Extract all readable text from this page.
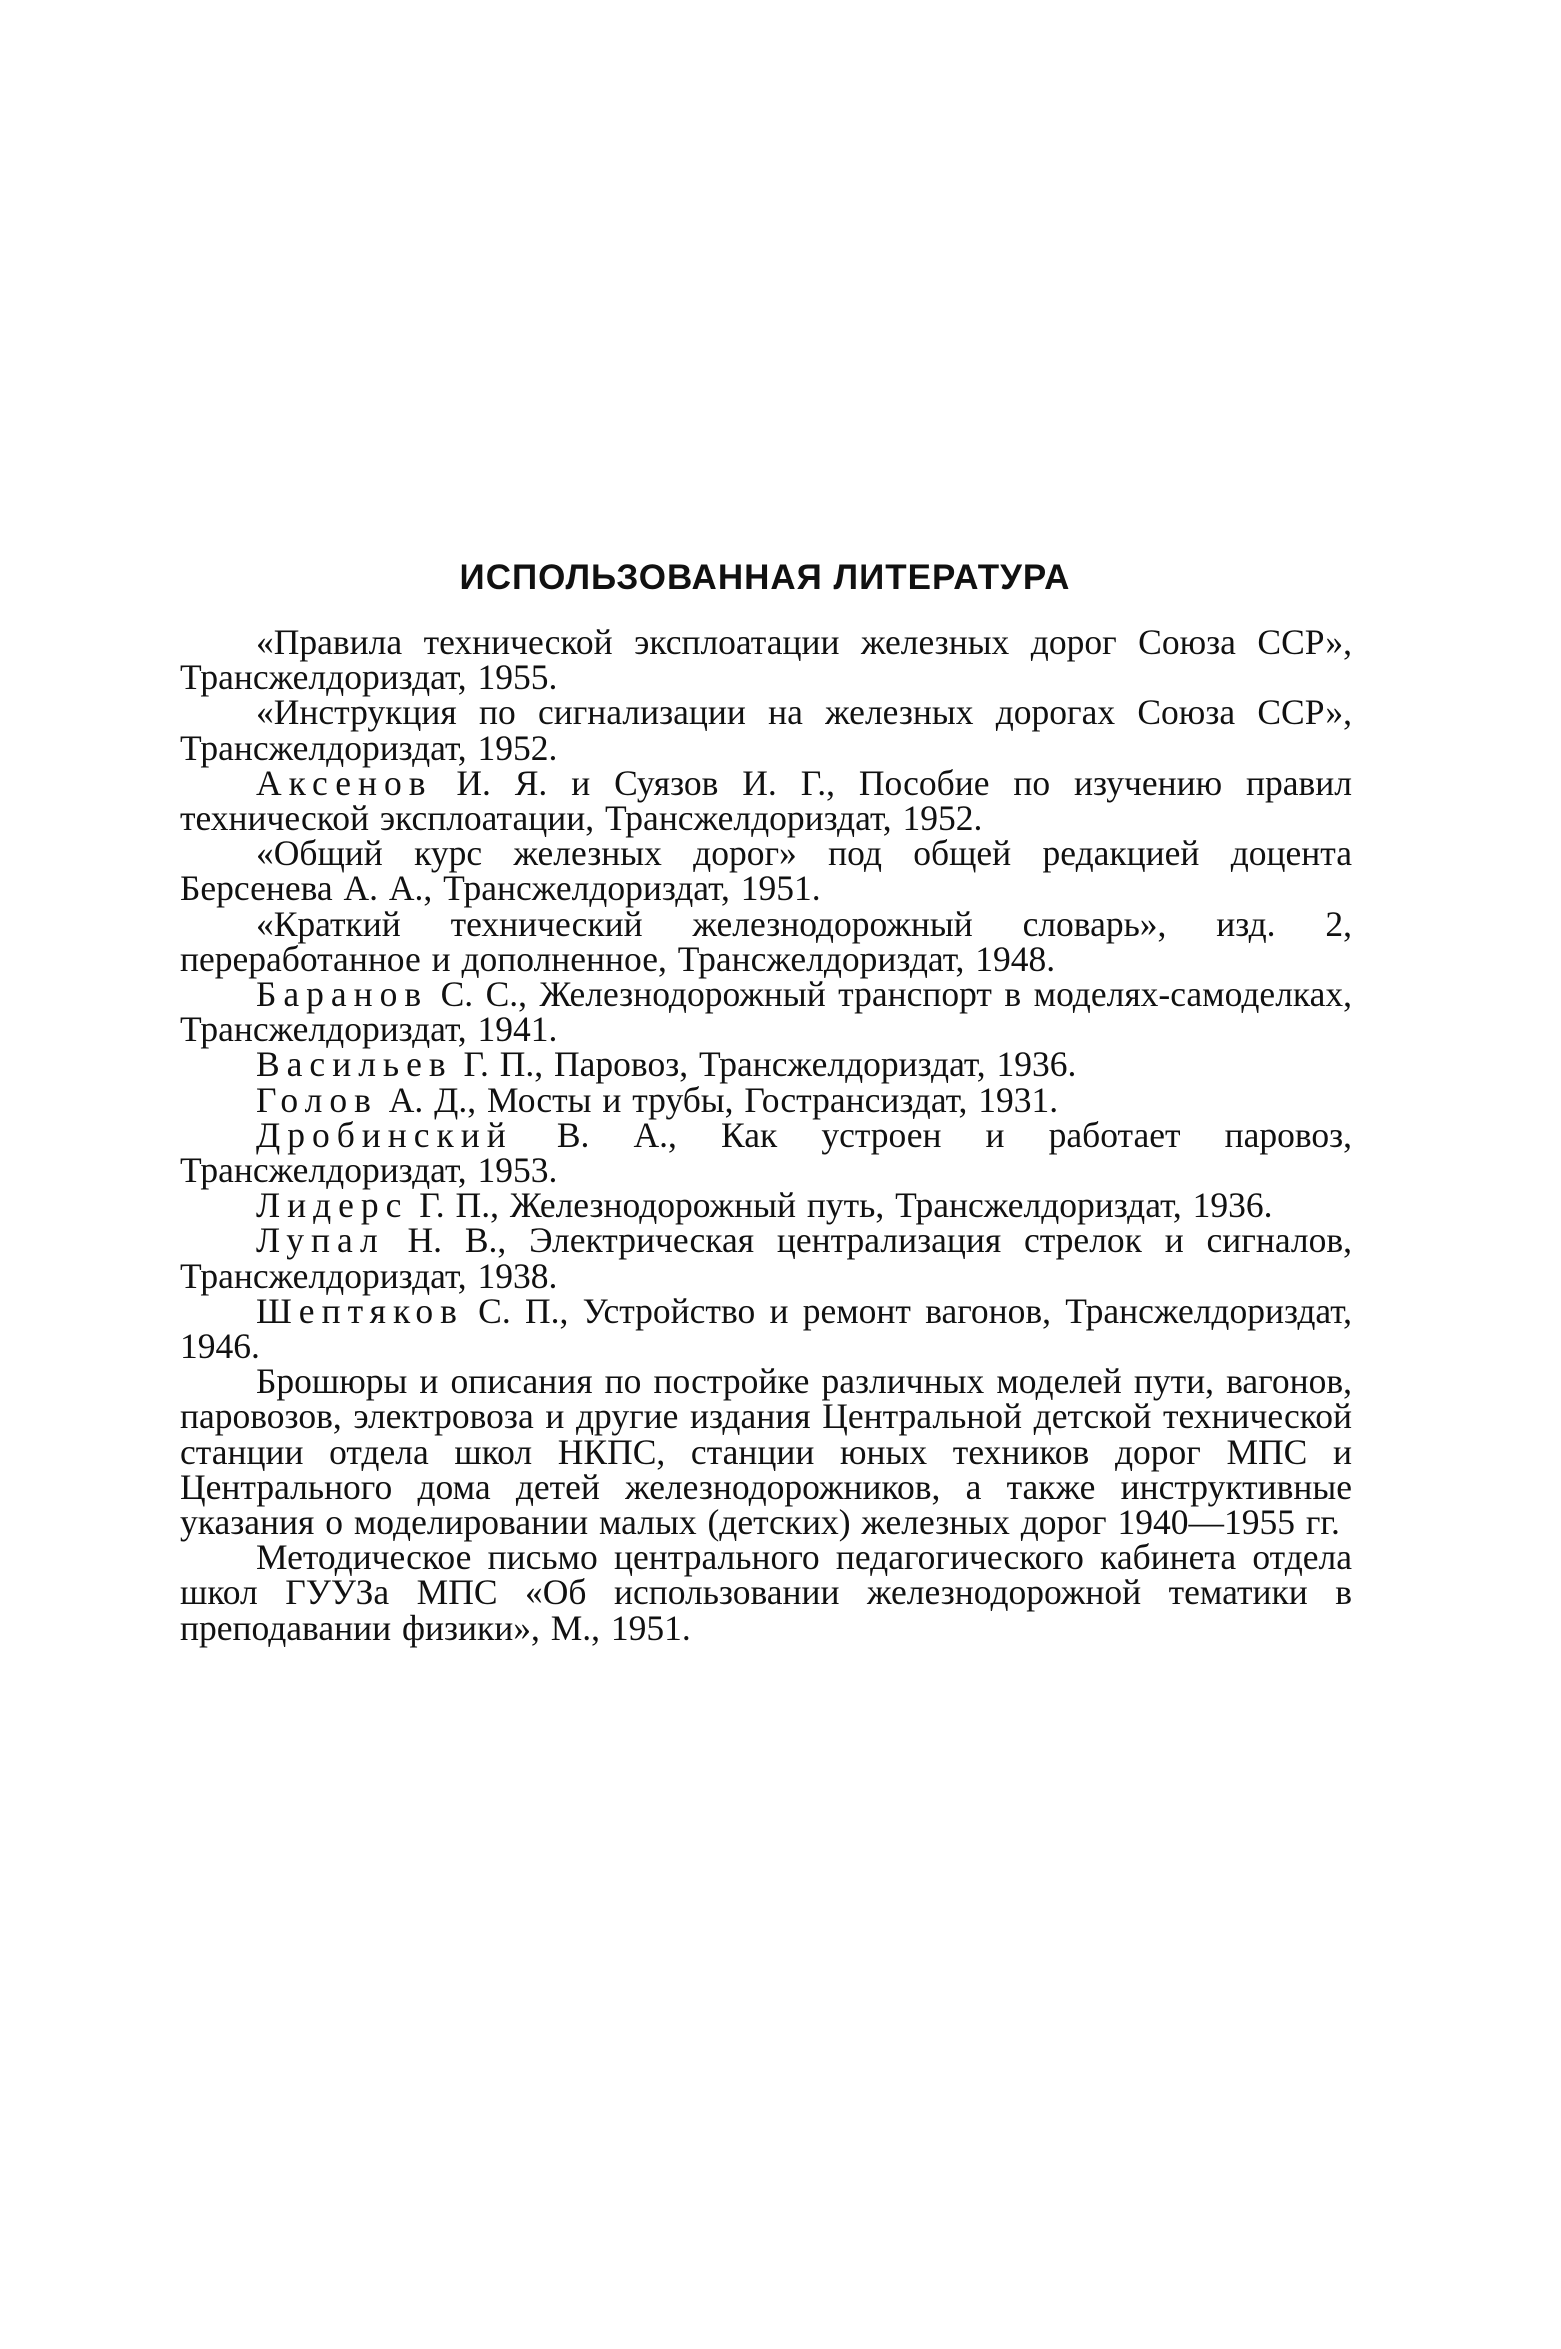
ИСПОЛЬЗОВАННАЯ ЛИТЕРАТУРА
«Правила технической эксплоатации железных дорог Союза ССР», Трансжелдориздат, 1955.
«Инструкция по сигнализации на железных дорогах Союза ССР», Трансжелдориздат, 1952.
Аксенов И. Я. и Суязов И. Г., Пособие по изучению правил технической эксплоатации, Трансжелдориздат, 1952.
«Общий курс железных дорог» под общей редакцией доцента Берсенева А. А., Трансжелдориздат, 1951.
«Краткий технический железнодорожный словарь», изд. 2, переработанное и дополненное, Трансжелдориздат, 1948.
Баранов С. С., Железнодорожный транспорт в моделях-самоделках, Трансжелдориздат, 1941.
Васильев Г. П., Паровоз, Трансжелдориздат, 1936.
Голов А. Д., Мосты и трубы, Гострансиздат, 1931.
Дробинский В. А., Как устроен и работает паровоз, Трансжелдориздат, 1953.
Лидерс Г. П., Железнодорожный путь, Трансжелдориздат, 1936.
Лупал Н. В., Электрическая централизация стрелок и сигналов, Трансжелдориздат, 1938.
Шептяков С. П., Устройство и ремонт вагонов, Трансжелдориздат, 1946.
Брошюры и описания по постройке различных моделей пути, вагонов, паровозов, электровоза и другие издания Центральной детской технической станции отдела школ НКПС, станции юных техников дорог МПС и Центрального дома детей железнодорожников, а также инструктивные указания о моделировании малых (детских) железных дорог 1940—1955 гг.
Методическое письмо центрального педагогического кабинета отдела школ ГУУЗа МПС «Об использовании железнодорожной тематики в преподавании физики», М., 1951.
